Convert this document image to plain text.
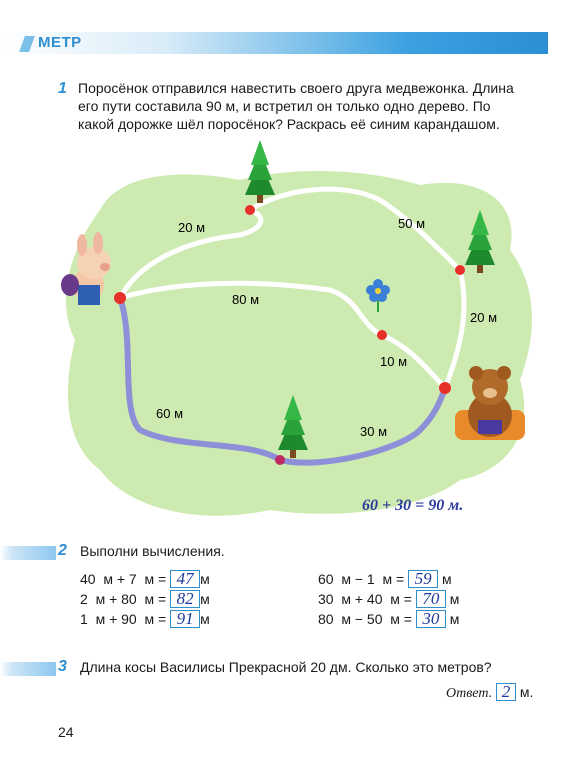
МЕТР
1 Поросёнок отправился навестить своего друга медвежонка. Длина
его пути составила 90 м, и встретил он только одно дерево. По
какой дорожке шёл поросёнок? Раскрась её синим карандашом.
20 м	50 м
80 м
20 м
10 м
60 м
30 м
60 + 30 = 90 м.
2 Выполни вычисления.
40  м + 7  м = 47 м
2  м + 80  м = 82 м
1  м + 90  м = 91 м
60  м − 1  м = 59 м
30  м + 40  м = 70 м
80  м − 50  м = 30 м
3 Длина косы Василисы Прекрасной 20 дм. Сколько это метров?
Ответ. 2 м.
24
